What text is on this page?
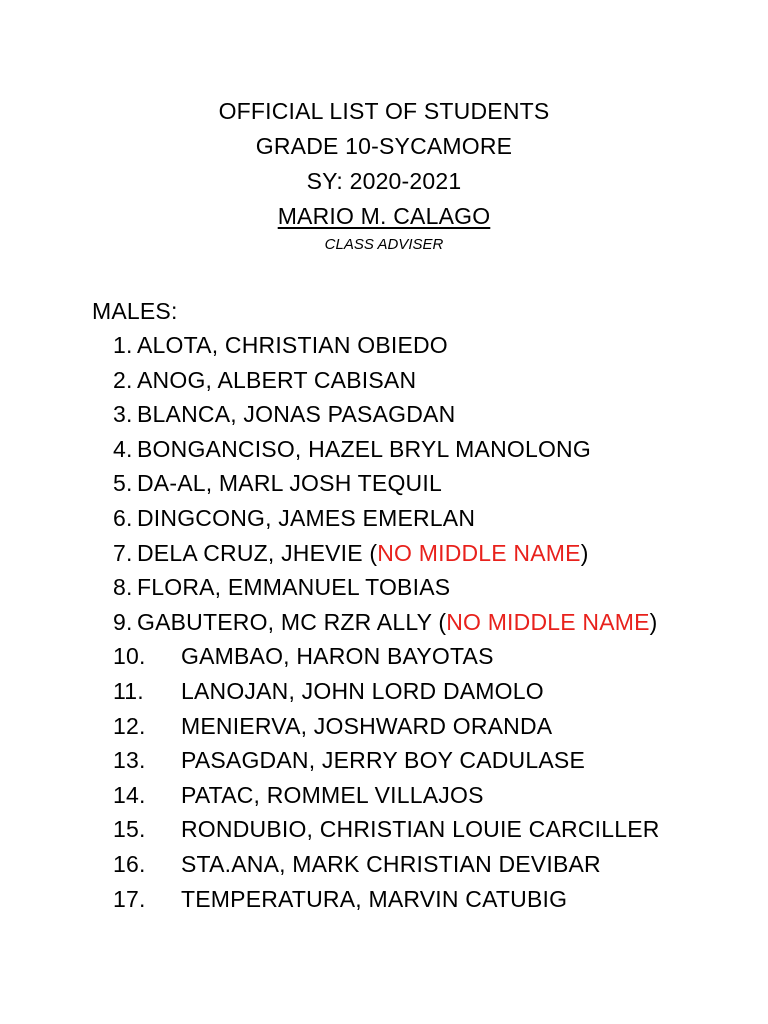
OFFICIAL LIST OF STUDENTS
GRADE 10-SYCAMORE
SY: 2020-2021
MARIO M. CALAGO
CLASS ADVISER
MALES:
1. ALOTA, CHRISTIAN OBIEDO
2. ANOG, ALBERT CABISAN
3. BLANCA, JONAS PASAGDAN
4. BONGANCISO, HAZEL BRYL MANOLONG
5. DA-AL, MARL JOSH TEQUIL
6. DINGCONG, JAMES EMERLAN
7. DELA CRUZ, JHEVIE (NO MIDDLE NAME)
8. FLORA, EMMANUEL TOBIAS
9. GABUTERO, MC RZR ALLY (NO MIDDLE NAME)
10. GAMBAO, HARON BAYOTAS
11. LANOJAN, JOHN LORD DAMOLO
12. MENIERVA, JOSHWARD ORANDA
13. PASAGDAN, JERRY BOY CADULASE
14. PATAC, ROMMEL VILLAJOS
15. RONDUBIO, CHRISTIAN LOUIE CARCILLER
16. STA.ANA, MARK CHRISTIAN DEVIBAR
17. TEMPERATURA, MARVIN CATUBIG
